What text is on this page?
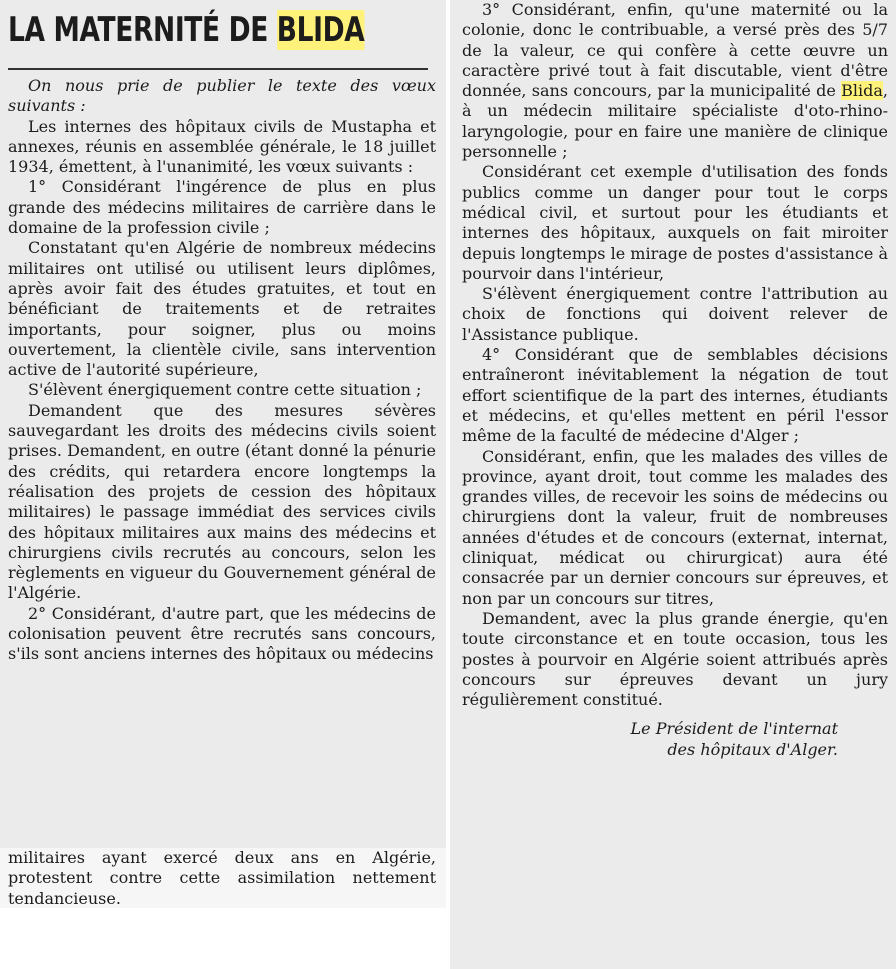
LA MATERNITÉ DE BLIDA

On nous prie de publier le texte des vœux suivants :

Les internes des hôpitaux civils de Mustapha et annexes, réunis en assemblée générale, le 18 juillet 1934, émettent, à l'unanimité, les vœux suivants :

1° Considérant l'ingérence de plus en plus grande des médecins militaires de carrière dans le domaine de la profession civile ;

Constatant qu'en Algérie de nombreux médecins militaires ont utilisé ou utilisent leurs diplômes, après avoir fait des études gratuites, et tout en bénéficiant de traitements et de retraites importants, pour soigner, plus ou moins ouvertement, la clientèle civile, sans intervention active de l'autorité supérieure,

S'élèvent énergiquement contre cette situation ;

Demandent que des mesures sévères sauvegardant les droits des médecins civils soient prises. Demandent, en outre (étant donné la pénurie des crédits, qui retardera encore longtemps la réalisation des projets de cession des hôpitaux militaires) le passage immédiat des services civils des hôpitaux militaires aux mains des médecins et chirurgiens civils recrutés au concours, selon les règlements en vigueur du Gouvernement général de l'Algérie.

2° Considérant, d'autre part, que les médecins de colonisation peuvent être recrutés sans concours, s'ils sont anciens internes des hôpitaux ou médecins

militaires ayant exercé deux ans en Algérie, protestent contre cette assimilation nettement tendancieuse.

3° Considérant, enfin, qu'une maternité ou la colonie, donc le contribuable, a versé près des 5/7 de la valeur, ce qui confère à cette œuvre un caractère privé tout à fait discutable, vient d'être donnée, sans concours, par la municipalité de Blida, à un médecin militaire spécialiste d'oto-rhino-laryngologie, pour en faire une manière de clinique personnelle ;

Considérant cet exemple d'utilisation des fonds publics comme un danger pour tout le corps médical civil, et surtout pour les étudiants et internes des hôpitaux, auxquels on fait miroiter depuis longtemps le mirage de postes d'assistance à pourvoir dans l'intérieur,

S'élèvent énergiquement contre l'attribution au choix de fonctions qui doivent relever de l'Assistance publique.

4° Considérant que de semblables décisions entraîneront inévitablement la négation de tout effort scientifique de la part des internes, étudiants et médecins, et qu'elles mettent en péril l'essor même de la faculté de médecine d'Alger ;

Considérant, enfin, que les malades des villes de province, ayant droit, tout comme les malades des grandes villes, de recevoir les soins de médecins ou chirurgiens dont la valeur, fruit de nombreuses années d'études et de concours (externat, internat, cliniquat, médicat ou chirurgicat) aura été consacrée par un dernier concours sur épreuves, et non par un concours sur titres,

Demandent, avec la plus grande énergie, qu'en toute circonstance et en toute occasion, tous les postes à pourvoir en Algérie soient attribués après concours sur épreuves devant un jury régulièrement constitué.

Le Président de l'internat
des hôpitaux d'Alger.
